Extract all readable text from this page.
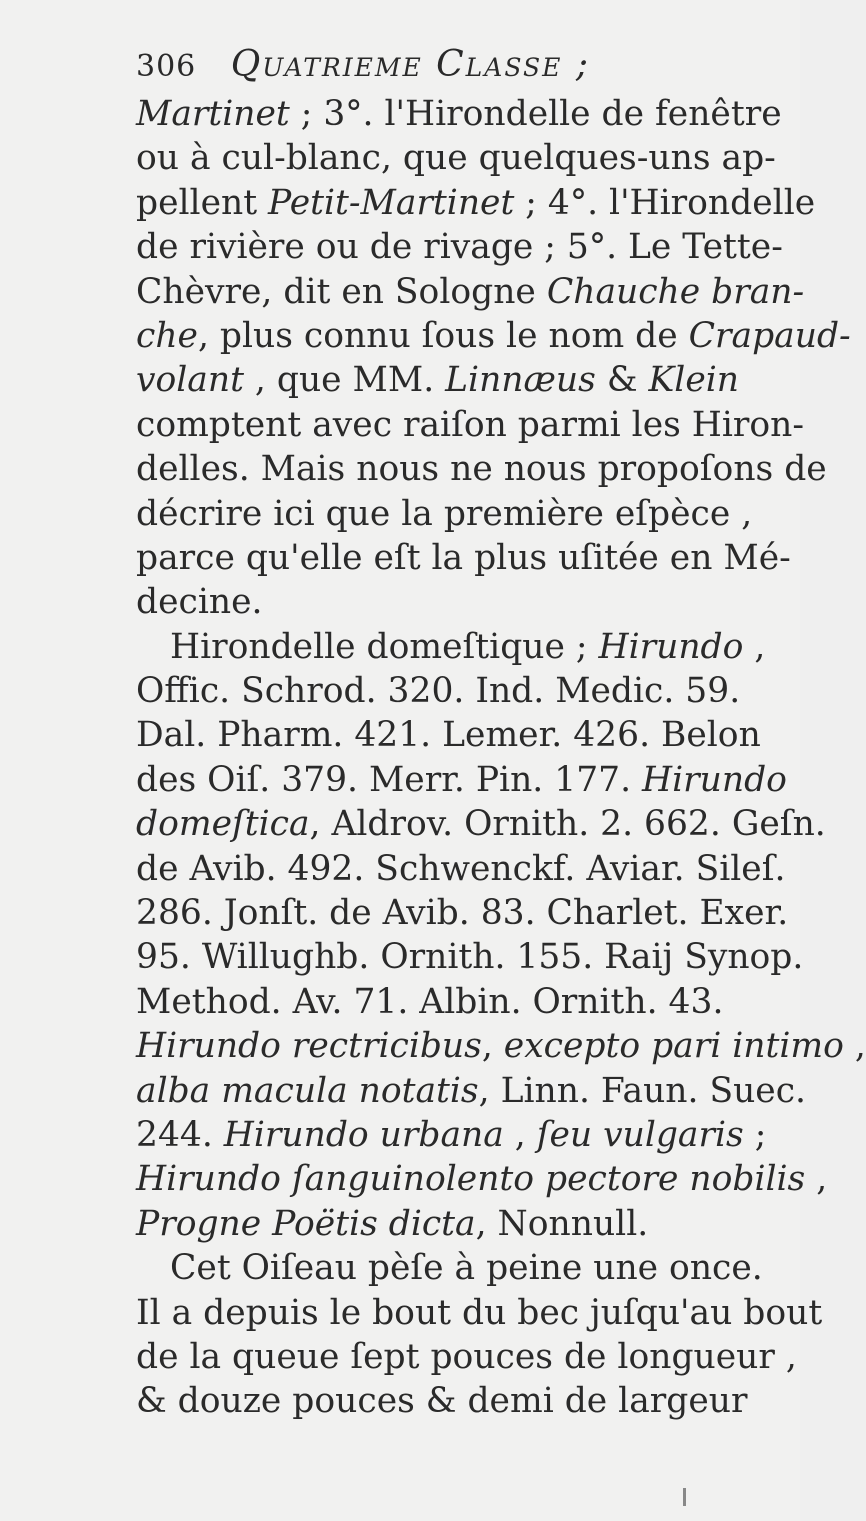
306 Quatrieme Classe ;
Martinet ; 3°. l'Hirondelle de fenêtre
ou à cul-blanc, que quelques-uns ap-
pellent Petit-Martinet ; 4°. l'Hirondelle
de rivière ou de rivage ; 5°. Le Tette-
Chèvre, dit en Sologne Chauche bran-
che, plus connu ſous le nom de Crapaud-
volant , que MM. Linnæus & Klein
comptent avec raiſon parmi les Hiron-
delles. Mais nous ne nous propoſons de
décrire ici que la première eſpèce ,
parce qu'elle eſt la plus uſitée en Mé-
decine.
Hirondelle domeſtique ; Hirundo ,
Offic. Schrod. 320. Ind. Medic. 59.
Dal. Pharm. 421. Lemer. 426. Belon
des Oiſ. 379. Merr. Pin. 177. Hirundo
domeſtica, Aldrov. Ornith. 2. 662. Geſn.
de Avib. 492. Schwenckf. Aviar. Sileſ.
286. Jonſt. de Avib. 83. Charlet. Exer.
95. Willughb. Ornith. 155. Raij Synop.
Method. Av. 71. Albin. Ornith. 43.
Hirundo rectricibus, excepto pari intimo ,
alba macula notatis, Linn. Faun. Suec.
244. Hirundo urbana , ſeu vulgaris ;
Hirundo ſanguinolento pectore nobilis ,
Progne Poëtis dicta, Nonnull.
Cet Oiſeau pèſe à peine une once.
Il a depuis le bout du bec juſqu'au bout
de la queue ſept pouces de longueur ,
& douze pouces & demi de largeur
